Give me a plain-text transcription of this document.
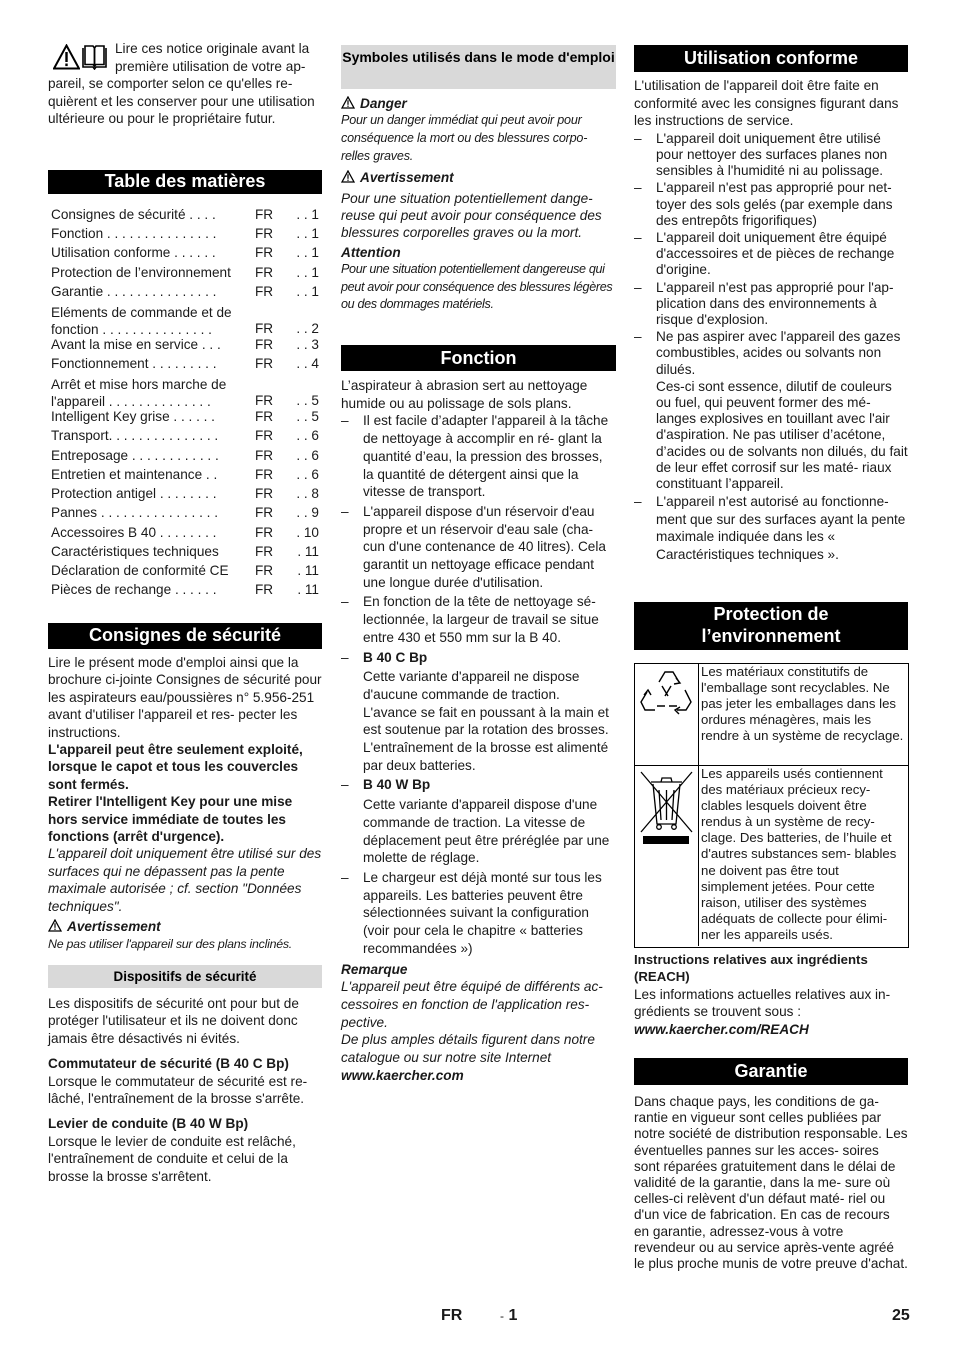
Lire ces notice originale avant la première utilisation de votre ap- pareil, se comporter selon ce qu'elles re- quièrent et les conserver pour une utilisation ultérieure ou pour le propriétaire futur.
Table des matières
Consignes de sécurité . . . .	FR	. . 1
Fonction . . . . . . . . . . . . . . .	FR	. . 1
Utilisation conforme . . . . . .	FR	. . 1
Protection de l’environnement	FR	. . 1
Garantie . . . . . . . . . . . . . . .	FR	. . 1
Eléments de commande et de fonction . . . . . . . . . . . . . . .	FR	. . 2
Avant la mise en service . . .	FR	. . 3
Fonctionnement . . . . . . . . .	FR	. . 4
Arrêt et mise hors marche de l'appareil . . . . . . . . . . . . . .	FR	. . 5
Intelligent Key grise . . . . . .	FR	. . 5
Transport. . . . . . . . . . . . . . .	FR	. . 6
Entreposage . . . . . . . . . . . .	FR	. . 6
Entretien et maintenance . .	FR	. . 6
Protection antigel . . . . . . . .	FR	. . 8
Pannes . . . . . . . . . . . . . . . .	FR	. . 9
Accessoires B 40 . . . . . . . .	FR	. 10
Caractéristiques techniques	FR	. 11
Déclaration de conformité CE	FR	. 11
Pièces de rechange . . . . . .	FR	. 11
Consignes de sécurité

Lire le présent mode d'emploi ainsi que la brochure ci-jointe Consignes de sécurité pour les aspirateurs eau/poussières n° 5.956-251 avant d'utiliser l'appareil et res- pecter les instructions.

L'appareil peut être seulement exploité, lorsque le capot et tous les couvercles sont fermés.

Retirer l'Intelligent Key pour une mise hors service immédiate de toutes les fonctions (arrêt d'urgence).

L'appareil doit uniquement être utilisé sur des surfaces qui ne dépassent pas la pente maximale autorisée ; cf. section "Données techniques".

Avertissement

Ne pas utiliser l'appareil sur des plans inclinés.

Dispositifs de sécurité

Les dispositifs de sécurité ont pour but de protéger l'utilisateur et ils ne doivent donc jamais être désactivés ni évités.

Commutateur de sécurité (B 40 C Bp)

Lorsque le commutateur de sécurité est re- lâché, l'entraînement de la brosse s'arrête.

Levier de conduite (B 40 W Bp)

Lorsque le levier de conduite est relâché, l'entraînement de conduite et celui de la brosse la brosse s'arrêtent.

Symboles utilisés dans le mode d'emploi

Danger

Pour un danger immédiat qui peut avoir pour conséquence la mort ou des blessures corpo- relles graves.

Avertissement

Pour une situation potentiellement dange- reuse qui peut avoir pour conséquence des blessures corporelles graves ou la mort.

Attention

Pour une situation potentiellement dangereuse qui peut avoir pour conséquence des blessures légères ou des dommages matériels.

Fonction

L’aspirateur à abrasion sert au nettoyage humide ou au polissage de sols plans.

– Il est facile d’adapter l'appareil à la tâche de nettoyage à accomplir en ré- glant la quantité d’eau, la pression des brosses, la quantité de détergent ainsi que la vitesse de transport.
– L'appareil dispose d'un réservoir d'eau propre et un réservoir d'eau sale (cha- cun d'une contenance de 40 litres). Cela garantit un nettoyage efficace pendant une longue durée d'utilisation.
– En fonction de la tête de nettoyage sé- lectionnée, la largeur de travail se situe entre 430 et 550 mm sur la B 40.
– B 40 C Bp
Cette variante d'appareil ne dispose d'aucune commande de traction. L'avance se fait en poussant à la main et est soutenue par la rotation des brosses. L'entraînement de la brosse est alimenté par deux batteries.
– B 40 W Bp
Cette variante d'appareil dispose d'une commande de traction. La vitesse de déplacement peut être préréglée par une molette de réglage.
– Le chargeur est déjà monté sur tous les appareils. Les batteries peuvent être sélectionnées suivant la configuration (voir pour cela le chapitre « batteries recommandées »)

Remarque

L'appareil peut être équipé de différents ac- cessoires en fonction de l'application res- pective.

De plus amples détails figurent dans notre catalogue ou sur notre site Internet

www.kaercher.com

Utilisation conforme

L'utilisation de l'appareil doit être faite en conformité avec les consignes figurant dans les instructions de service.

– L'appareil doit uniquement être utilisé pour nettoyer des surfaces planes non sensibles à l'humidité ni au polissage.
– L'appareil n'est pas approprié pour net- toyer des sols gelés (par exemple dans des entrepôts frigorifiques)
– L'appareil doit uniquement être équipé d'accessoires et de pièces de rechange d'origine.
– L'appareil n'est pas approprié pour l'ap- plication dans des environnements à risque d'explosion.
– Ne pas aspirer avec l'appareil des gazes combustibles, acides ou solvants non dilués.
Ces-ci sont essence, dilutif de couleurs ou fuel, qui peuvent former des mé- langes explosives en touillant avec l'air d'aspiration. Ne pas utiliser d’acétone, d’acides ou de solvants non dilués, du fait de leur effet corrosif sur les maté- riaux constituant l’appareil.
– L'appareil n'est autorisé au fonctionne- ment que sur des surfaces ayant la pente maximale indiquée dans les « Caractéristiques techniques ».
Protection de
l’environnement
Les matériaux constitutifs de l'emballage sont recyclables. Ne pas jeter les emballages dans les ordures ménagères, mais les rendre à un système de recyclage.
Les appareils usés contiennent des matériaux précieux recy- clables lesquels doivent être rendus à un système de recy- clage. Des batteries, de l’huile et d'autres substances sem- blables ne doivent pas être tout simplement jetées. Pour cette raison, utiliser des systèmes adéquats de collecte pour élimi- ner les appareils usés.

Instructions relatives aux ingrédients (REACH)

Les informations actuelles relatives aux in- grédients se trouvent sous :

www.kaercher.com/REACH

Garantie

Dans chaque pays, les conditions de ga- rantie en vigueur sont celles publiées par notre société de distribution responsable. Les éventuelles pannes sur les acces- soires sont réparées gratuitement dans le délai de validité de la garantie, dans la me- sure où celles-ci relèvent d'un défaut maté- riel ou d'un vice de fabrication. En cas de recours en garantie, adressez-vous à votre revendeur ou au service après-vente agréé le plus proche munis de votre preuve d'achat.

FR	- 1	25
